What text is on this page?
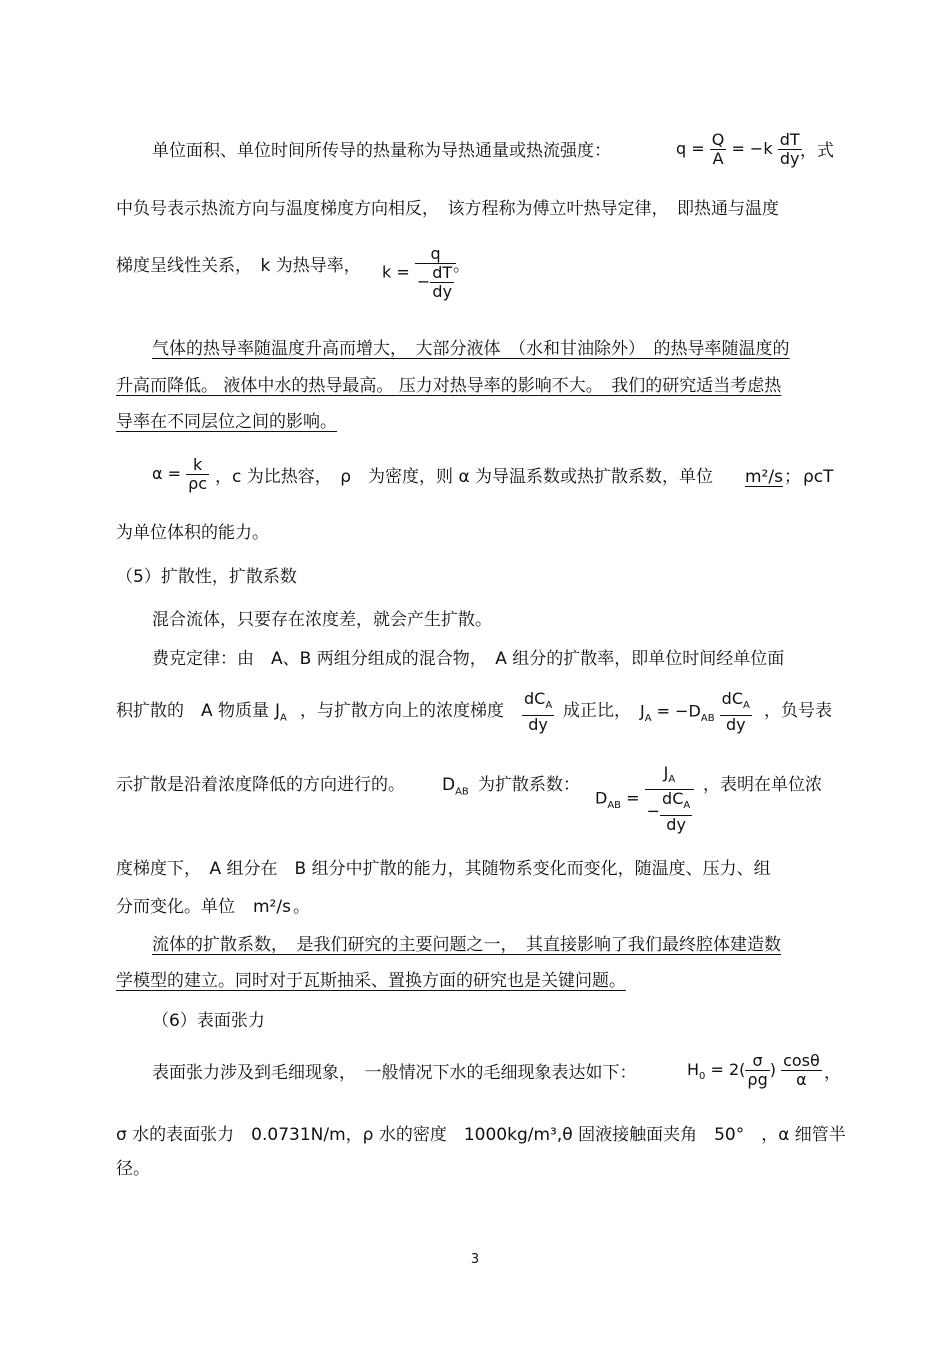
单位面积、单位时间所传导的热量称为导热通量或热流强度：	$q = \frac{Q}{A} = -k \frac{dT}{dy}$
，式
中负号表示热流方向与温度梯度方向相反，　该方程称为傅立叶热导定律，　即热通与温度
梯度呈线性关系，　k 为热导率， $k = \frac{q}{- \frac{dT}{dy}}$
。
气体的热导率随温度升高而增大，　大部分液体　（水和甘油除外）　的热导率随温度的
升高而降低。 液体中水的热导最高。 压力对热导率的影响不大。　我们的研究适当考虑热
导率在不同层位之间的影响。
$\alpha = \frac{k}{\rho c}$ ，c 为比热容，　ρ　为密度，则 α 为导温系数或热扩散系数，单位 m²/s ； ρcT
为单位体积的能力。
（5）扩散性，扩散系数
混合流体，只要存在浓度差，就会产生扩散。
费克定律：由　A、B 两组分组成的混合物，　A 组分的扩散率，即单位时间经单位面
积扩散的　A 物质量 $J_A$ ，与扩散方向上的浓度梯度 $\frac{dC_A}{dy}$ 成正比， $J_A = -D_{AB} \frac{dC_A}{dy}$ ，负号表
示扩散是沿着浓度降低的方向进行的。 $D_{AB}$ 为扩散系数：
$D_{AB} = \frac{J_A}{- \frac{dC_A}{dy}}$ ，表明在单位浓
度梯度下，　A 组分在　B 组分中扩散的能力，其随物系变化而变化，随温度、压力、组
分而变化。单位 m²/s 。
流体的扩散系数，　是我们研究的主要问题之一，　其直接影响了我们最终腔体建造数
学模型的建立。同时对于瓦斯抽采、置换方面的研究也是关键问题。
（6）表面张力
表面张力涉及到毛细现象，　一般情况下水的毛细现象表达如下：	$H_0 = 2( \frac{\sigma}{\rho g}$ ) $\frac{\cos\theta}{\alpha}$ ，
σ 水的表面张力　0.0731N/m，ρ 水的密度　1000kg/m³,θ 固液接触面夹角　50°　，α 细管半
径。
3
